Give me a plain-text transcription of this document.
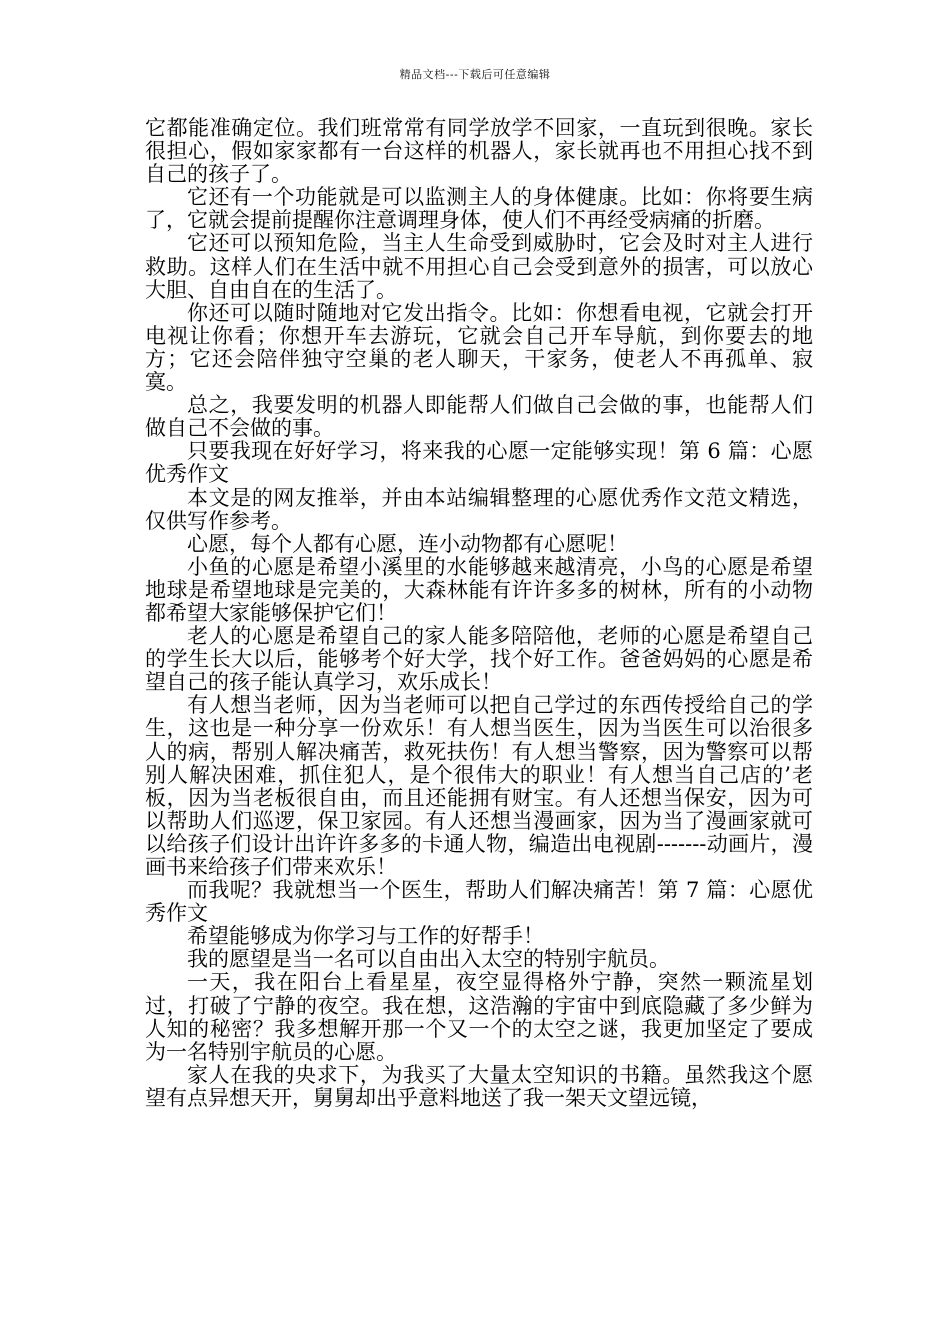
精品文档---下载后可任意编辑

它都能准确定位。我们班常常有同学放学不回家，一直玩到很晚。家长很担心，假如家家都有一台这样的机器人，家长就再也不用担心找不到自己的孩子了。

它还有一个功能就是可以监测主人的身体健康。比如：你将要生病了，它就会提前提醒你注意调理身体，使人们不再经受病痛的折磨。

它还可以预知危险，当主人生命受到威胁时，它会及时对主人进行救助。这样人们在生活中就不用担心自己会受到意外的损害，可以放心大胆、自由自在的生活了。

你还可以随时随地对它发出指令。比如：你想看电视，它就会打开电视让你看；你想开车去游玩，它就会自己开车导航，到你要去的地方；它还会陪伴独守空巢的老人聊天，干家务，使老人不再孤单、寂寞。

总之，我要发明的机器人即能帮人们做自己会做的事，也能帮人们做自己不会做的事。

只要我现在好好学习，将来我的心愿一定能够实现！第 6 篇：心愿优秀作文

本文是的网友推举，并由本站编辑整理的心愿优秀作文范文精选，仅供写作参考。

心愿，每个人都有心愿，连小动物都有心愿呢！

小鱼的心愿是希望小溪里的水能够越来越清亮，小鸟的心愿是希望地球是希望地球是完美的，大森林能有许许多多的树林，所有的小动物都希望大家能够保护它们！

老人的心愿是希望自己的家人能多陪陪他，老师的心愿是希望自己的学生长大以后，能够考个好大学，找个好工作。爸爸妈妈的心愿是希望自己的孩子能认真学习，欢乐成长！

有人想当老师，因为当老师可以把自己学过的东西传授给自己的学生，这也是一种分享一份欢乐！有人想当医生，因为当医生可以治很多人的病，帮别人解决痛苦，救死扶伤！有人想当警察，因为警察可以帮别人解决困难，抓住犯人，是个很伟大的职业！有人想当自己店的’老板，因为当老板很自由，而且还能拥有财宝。有人还想当保安，因为可以帮助人们巡逻，保卫家园。有人还想当漫画家，因为当了漫画家就可以给孩子们设计出许许多多的卡通人物，编造出电视剧-------动画片，漫画书来给孩子们带来欢乐！

而我呢？我就想当一个医生，帮助人们解决痛苦！第 7 篇：心愿优秀作文

希望能够成为你学习与工作的好帮手！

我的愿望是当一名可以自由出入太空的特别宇航员。

一天，我在阳台上看星星，夜空显得格外宁静，突然一颗流星划过，打破了宁静的夜空。我在想，这浩瀚的宇宙中到底隐藏了多少鲜为人知的秘密？我多想解开那一个又一个的太空之谜，我更加坚定了要成为一名特别宇航员的心愿。

家人在我的央求下，为我买了大量太空知识的书籍。虽然我这个愿望有点异想天开，舅舅却出乎意料地送了我一架天文望远镜，
